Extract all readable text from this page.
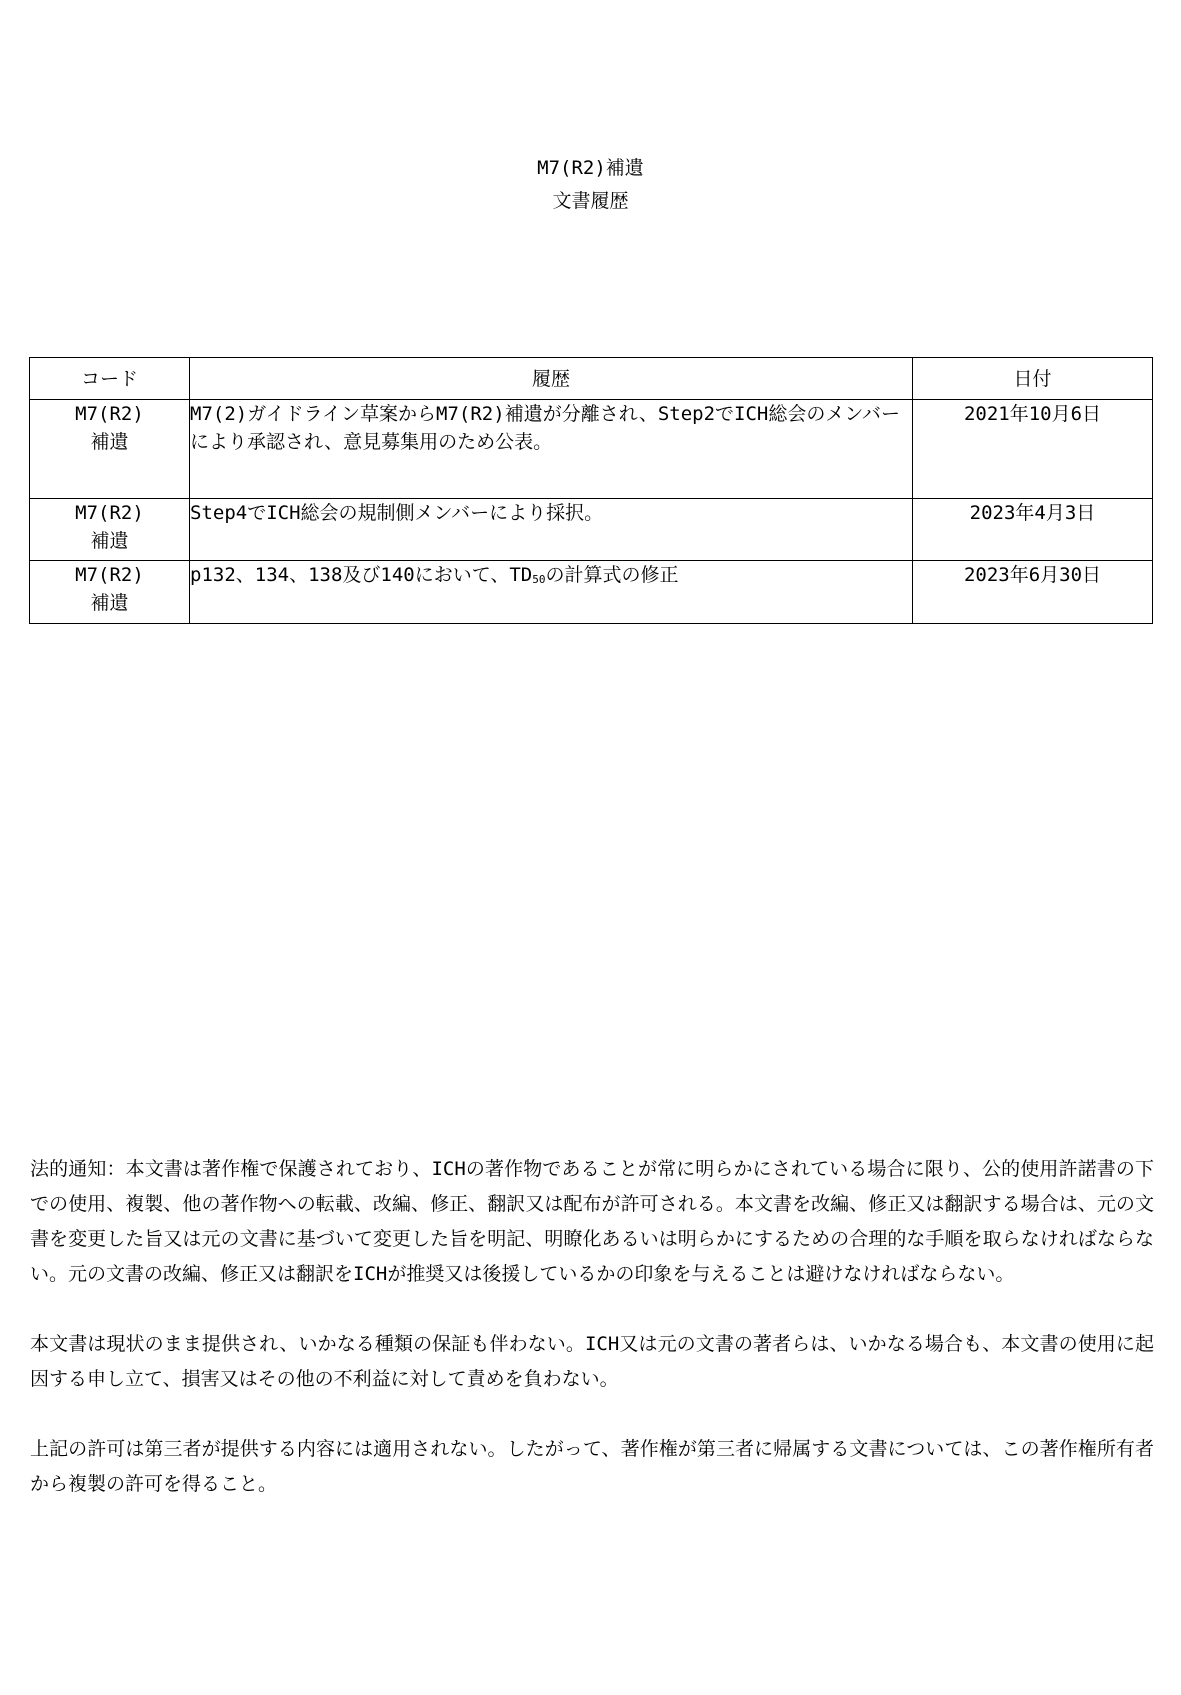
M7(R2)補遺
文書履歴
コード	履歴	日付

M7(R2)
補遺	M7(2)ガイドライン草案からM7(R2)補遺が分離され、Step2でICH総会のメンバーにより承認され、意見募集用のため公表。	2021年10月6日

M7(R2)
補遺	Step4でICH総会の規制側メンバーにより採択。	2023年4月3日

M7(R2)
補遺	p132、134、138及び140において、$TD_{50}$の計算式の修正	2023年6月30日

法的通知：本文書は著作権で保護されており、ICHの著作物であることが常に明らかにされている場合に限り、公的使用許諾書の下での使用、複製、他の著作物への転載、改編、修正、翻訳又は配布が許可される。本文書を改編、修正又は翻訳する場合は、元の文書を変更した旨又は元の文書に基づいて変更した旨を明記、明瞭化あるいは明らかにするための合理的な手順を取らなければならない。元の文書の改編、修正又は翻訳をICHが推奨又は後援しているかの印象を与えることは避けなければならない。

本文書は現状のまま提供され、いかなる種類の保証も伴わない。ICH又は元の文書の著者らは、いかなる場合も、本文書の使用に起因する申し立て、損害又はその他の不利益に対して責めを負わない。

上記の許可は第三者が提供する内容には適用されない。したがって、著作権が第三者に帰属する文書については、この著作権所有者から複製の許可を得ること。
